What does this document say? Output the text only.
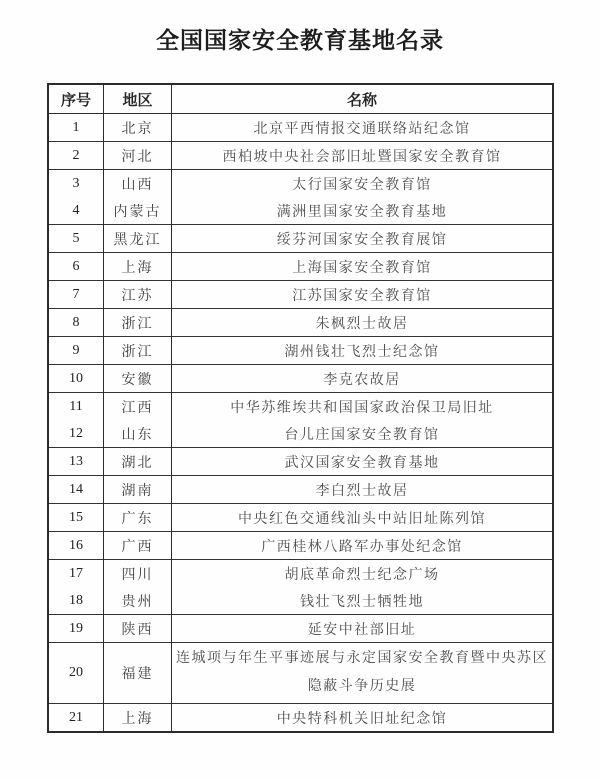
全国国家安全教育基地名录
序号	地区	名称
1	北京	北京平西情报交通联络站纪念馆
2	河北	西柏坡中央社会部旧址暨国家安全教育馆
3	山西	太行国家安全教育馆
4	内蒙古	满洲里国家安全教育基地
5	黑龙江	绥芬河国家安全教育展馆
6	上海	上海国家安全教育馆
7	江苏	江苏国家安全教育馆
8	浙江	朱枫烈士故居
9	浙江	湖州钱壮飞烈士纪念馆
10	安徽	李克农故居
11	江西	中华苏维埃共和国国家政治保卫局旧址
12	山东	台儿庄国家安全教育馆
13	湖北	武汉国家安全教育基地
14	湖南	李白烈士故居
15	广东	中央红色交通线汕头中站旧址陈列馆
16	广西	广西桂林八路军办事处纪念馆
17	四川	胡底革命烈士纪念广场
18	贵州	钱壮飞烈士牺牲地
19	陕西	延安中社部旧址
20	福建	连城项与年生平事迹展与永定国家安全教育暨中央苏区隐蔽斗争历史展
21	上海	中央特科机关旧址纪念馆
